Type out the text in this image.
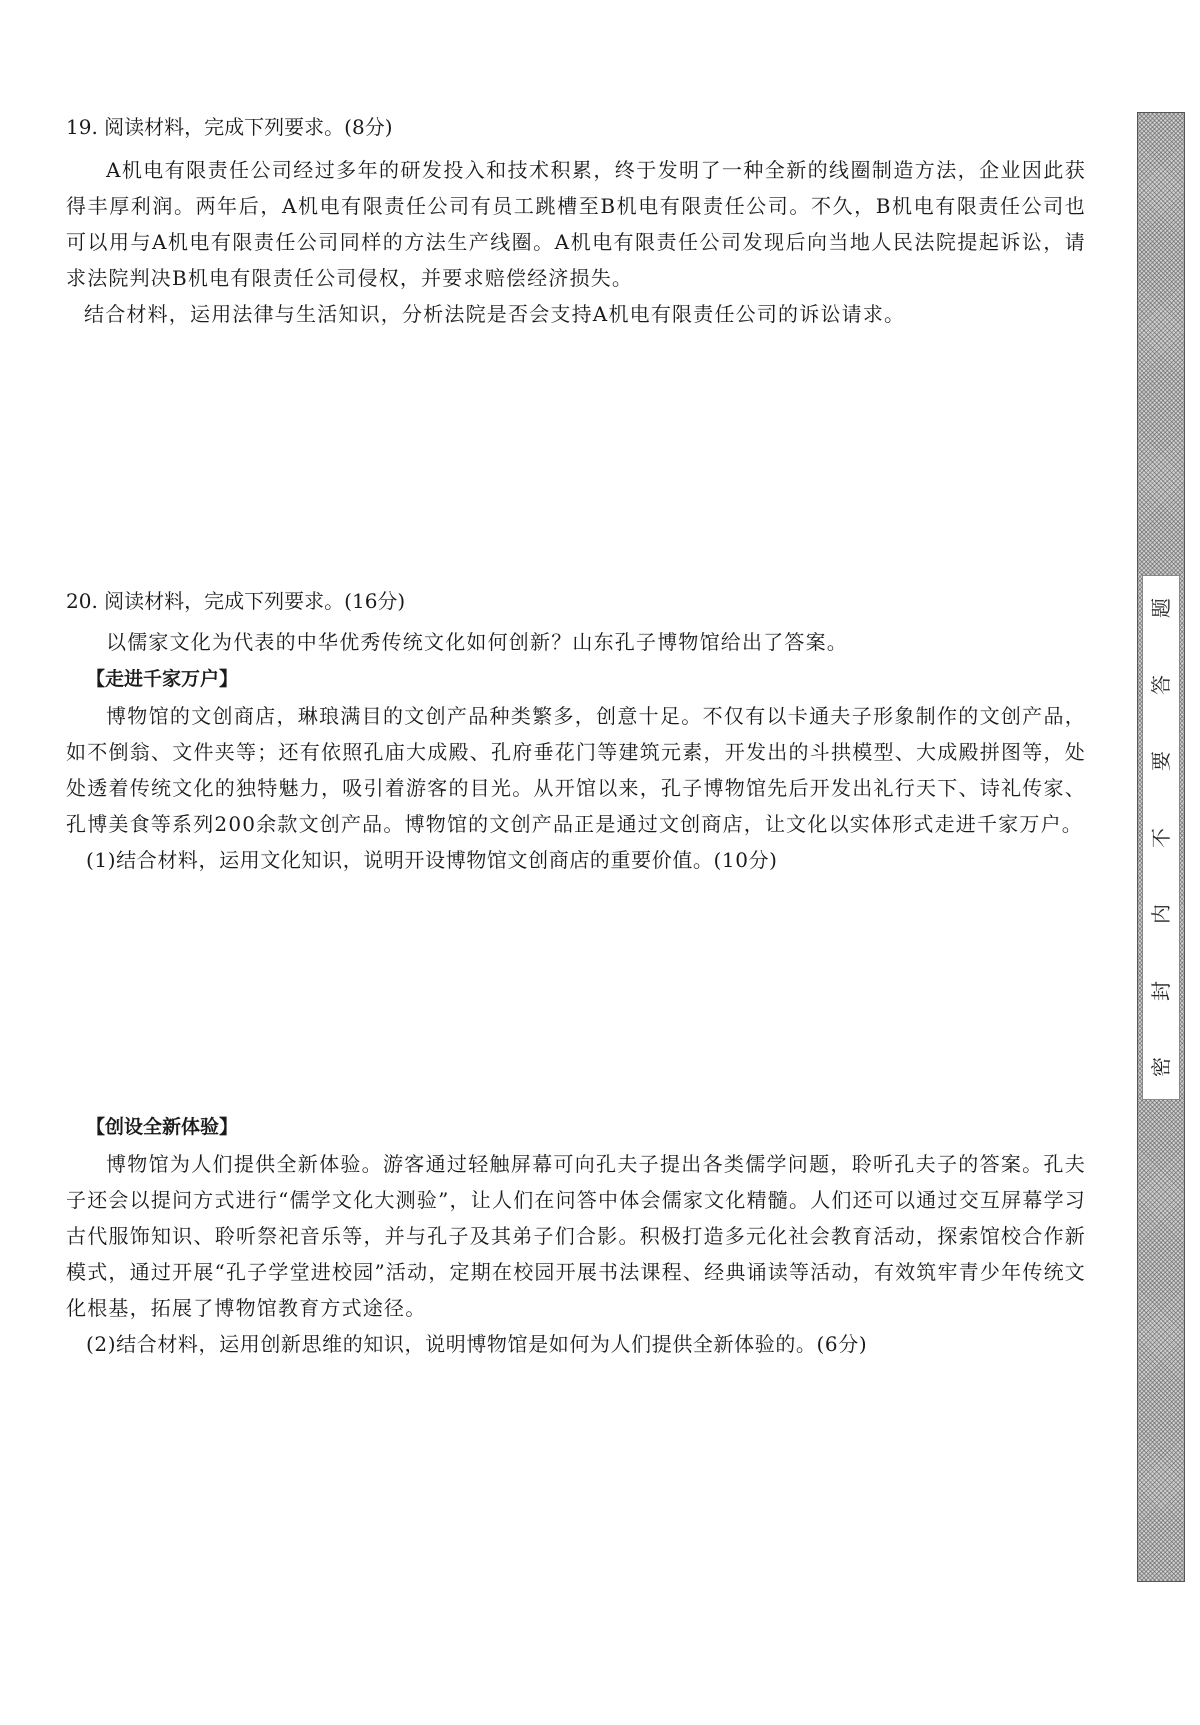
19. 阅读材料，完成下列要求。(8分)

A机电有限责任公司经过多年的研发投入和技术积累，终于发明了一种全新的线圈制造方法，企业因此获得丰厚利润。两年后，A机电有限责任公司有员工跳槽至B机电有限责任公司。不久，B机电有限责任公司也可以用与A机电有限责任公司同样的方法生产线圈。A机电有限责任公司发现后向当地人民法院提起诉讼，请求法院判决B机电有限责任公司侵权，并要求赔偿经济损失。

结合材料，运用法律与生活知识，分析法院是否会支持A机电有限责任公司的诉讼请求。

20. 阅读材料，完成下列要求。(16分)

以儒家文化为代表的中华优秀传统文化如何创新？山东孔子博物馆给出了答案。

【走进千家万户】

博物馆的文创商店，琳琅满目的文创产品种类繁多，创意十足。不仅有以卡通夫子形象制作的文创产品，如不倒翁、文件夹等；还有依照孔庙大成殿、孔府垂花门等建筑元素，开发出的斗拱模型、大成殿拼图等，处处透着传统文化的独特魅力，吸引着游客的目光。从开馆以来，孔子博物馆先后开发出礼行天下、诗礼传家、孔博美食等系列200余款文创产品。博物馆的文创产品正是通过文创商店，让文化以实体形式走进千家万户。

(1)结合材料，运用文化知识，说明开设博物馆文创商店的重要价值。(10分)

【创设全新体验】

博物馆为人们提供全新体验。游客通过轻触屏幕可向孔夫子提出各类儒学问题，聆听孔夫子的答案。孔夫子还会以提问方式进行“儒学文化大测验”，让人们在问答中体会儒家文化精髓。人们还可以通过交互屏幕学习古代服饰知识、聆听祭祀音乐等，并与孔子及其弟子们合影。积极打造多元化社会教育活动，探索馆校合作新模式，通过开展“孔子学堂进校园”活动，定期在校园开展书法课程、经典诵读等活动，有效筑牢青少年传统文化根基，拓展了博物馆教育方式途径。

(2)结合材料，运用创新思维的知识，说明博物馆是如何为人们提供全新体验的。(6分)

题
答
要
不
内
封
密
